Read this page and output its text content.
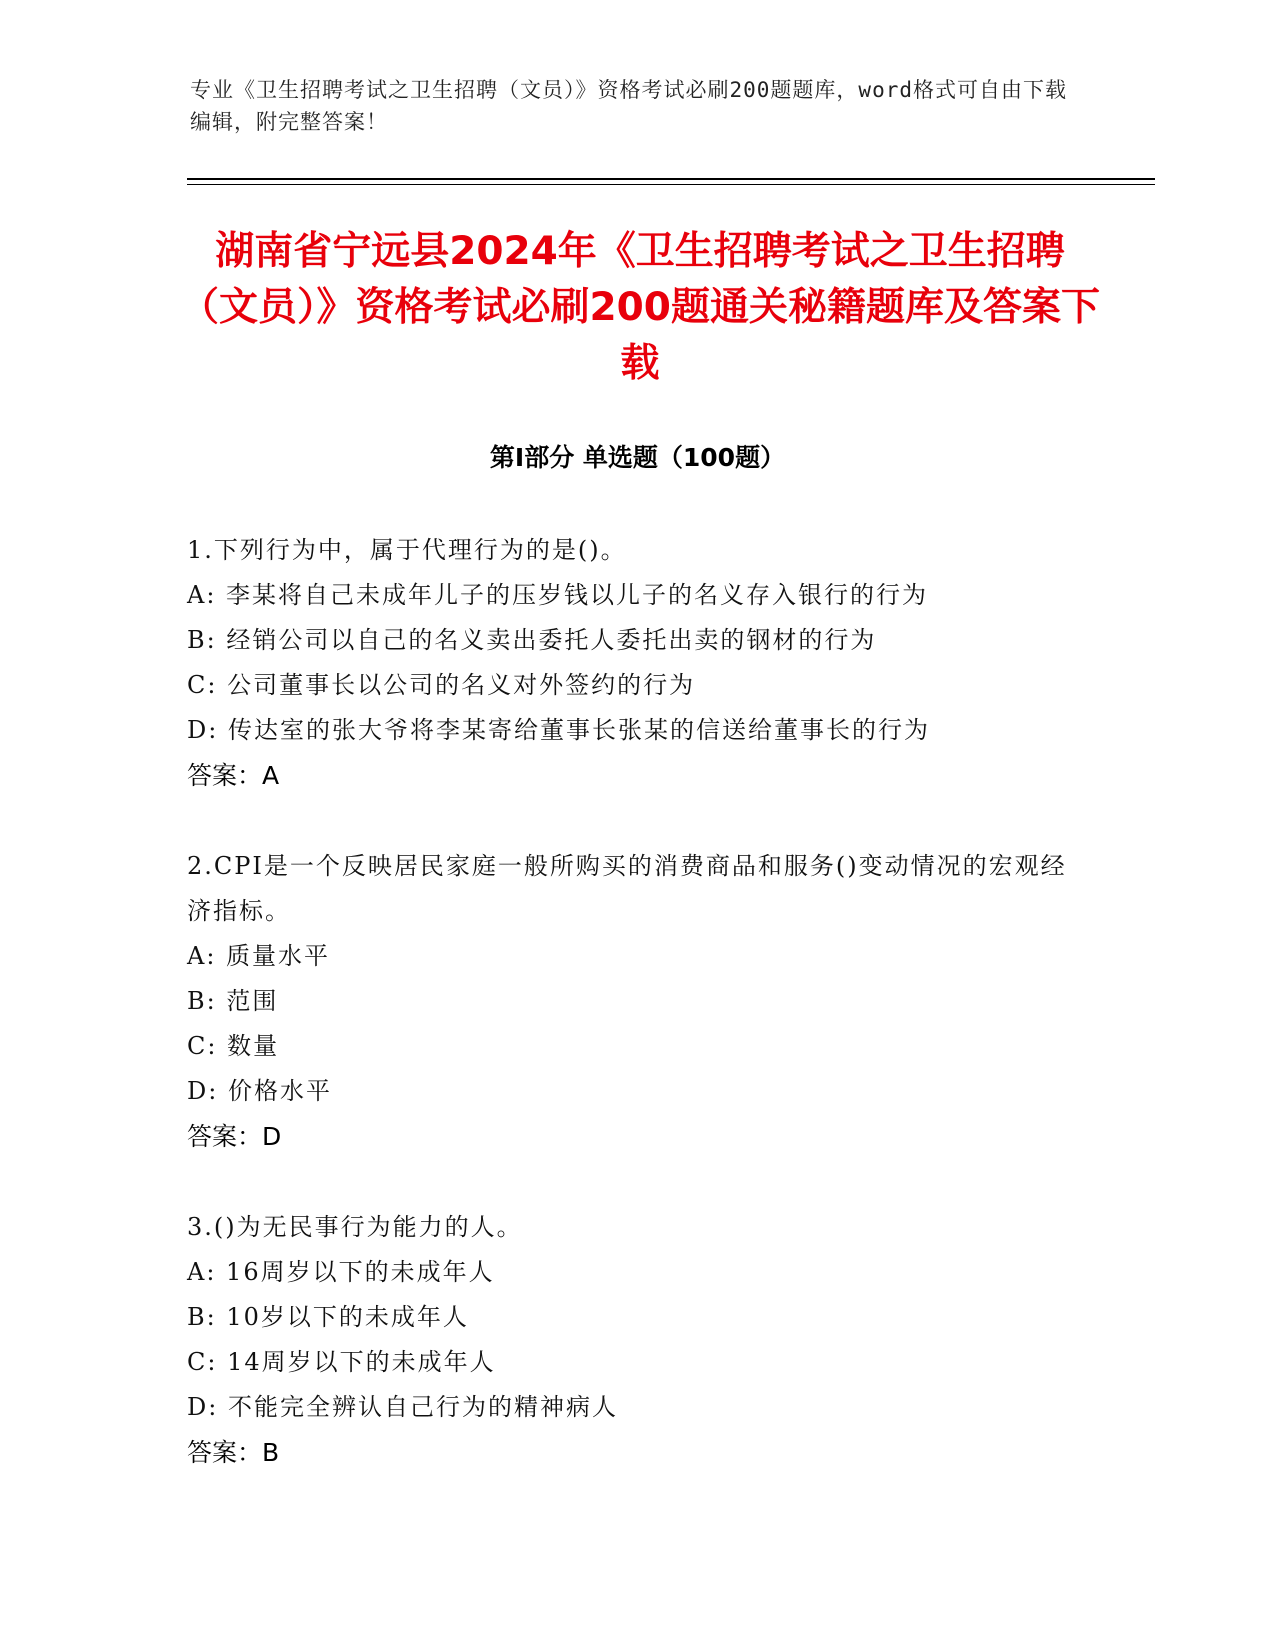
专业《卫生招聘考试之卫生招聘（文员）》资格考试必刷200题题库，word格式可自由下载编辑，附完整答案！
湖南省宁远县2024年《卫生招聘考试之卫生招聘（文员）》资格考试必刷200题通关秘籍题库及答案下载
第Ⅰ部分 单选题（100题）
1.下列行为中，属于代理行为的是()。
A: 李某将自己未成年儿子的压岁钱以儿子的名义存入银行的行为
B: 经销公司以自己的名义卖出委托人委托出卖的钢材的行为
C: 公司董事长以公司的名义对外签约的行为
D: 传达室的张大爷将李某寄给董事长张某的信送给董事长的行为
答案：A
2.CPI是一个反映居民家庭一般所购买的消费商品和服务()变动情况的宏观经济指标。
A: 质量水平
B: 范围
C: 数量
D: 价格水平
答案：D
3.()为无民事行为能力的人。
A: 16周岁以下的未成年人
B: 10岁以下的未成年人
C: 14周岁以下的未成年人
D: 不能完全辨认自己行为的精神病人
答案：B
